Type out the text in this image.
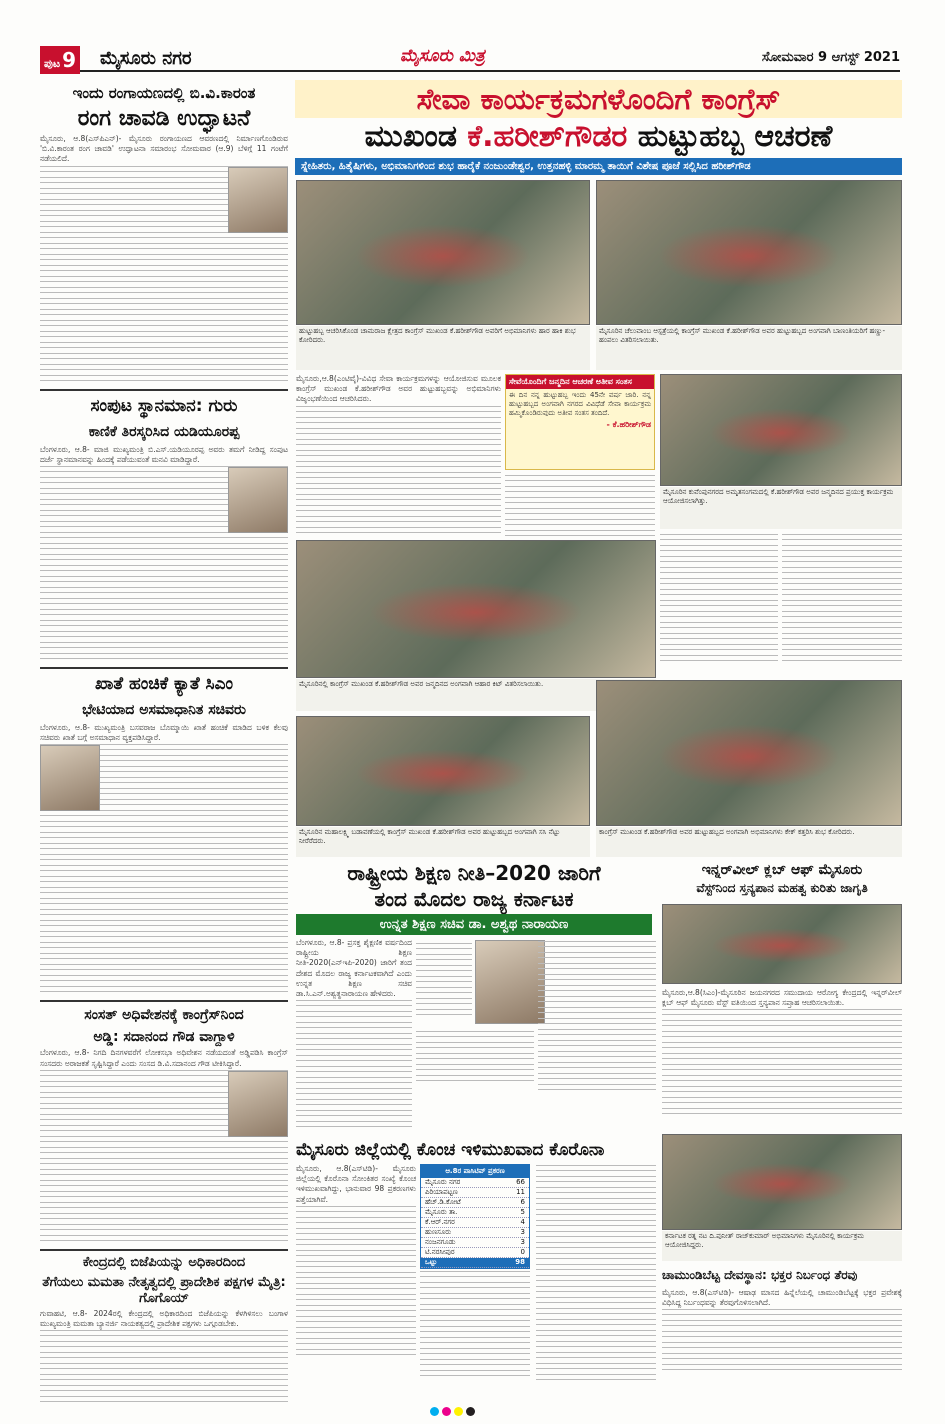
ಪುಟ 9 ಮೈಸೂರು ನಗರ	ಮೈಸೂರು ಮಿತ್ರ	ಸೋಮವಾರ 9 ಆಗಸ್ಟ್ 2021
ಇಂದು ರಂಗಾಯಣದಲ್ಲಿ ಬಿ.ವಿ.ಕಾರಂತ
ರಂಗ ಚಾವಡಿ ಉದ್ಘಾಟನೆ
ಮೈಸೂರು, ಆ.8(ಎಸ್‌ಪಿಎನ್)- ಮೈಸೂರು ರಂಗಾಯಣದ ಆವರಣದಲ್ಲಿ ನಿರ್ಮಾಣಗೊಂಡಿರುವ 'ಬಿ.ವಿ.ಕಾರಂತ ರಂಗ ಚಾವಡಿ' ಉದ್ಘಾಟನಾ ಸಮಾರಂಭ ಸೋಮವಾರ (ಆ.9) ಬೆಳಿಗ್ಗೆ 11 ಗಂಟೆಗೆ ನಡೆಯಲಿದೆ.
ಸಂಪುಟ ಸ್ಥಾನಮಾನ: ಗುರು
ಕಾಣಿಕೆ ತಿರಸ್ಕರಿಸಿದ ಯಡಿಯೂರಪ್ಪ
ಬೆಂಗಳೂರು, ಆ.8- ಮಾಜಿ ಮುಖ್ಯಮಂತ್ರಿ ಬಿ.ಎಸ್.ಯಡಿಯೂರಪ್ಪ ಅವರು ತಮಗೆ ನೀಡಿದ್ದ ಸಂಪುಟ ದರ್ಜೆ ಸ್ಥಾನಮಾನವನ್ನು ಹಿಂದಕ್ಕೆ ಪಡೆಯುವಂತೆ ಮನವಿ ಮಾಡಿದ್ದಾರೆ.
ಖಾತೆ ಹಂಚಿಕೆ ಕ್ಯಾತೆ ಸಿಎಂ
ಭೇಟಿಯಾದ ಅಸಮಾಧಾನಿತ ಸಚಿವರು
ಬೆಂಗಳೂರು, ಆ.8- ಮುಖ್ಯಮಂತ್ರಿ ಬಸವರಾಜ ಬೊಮ್ಮಾಯಿ ಖಾತೆ ಹಂಚಿಕೆ ಮಾಡಿದ ಬಳಿಕ ಕೆಲವು ಸಚಿವರು ಖಾತೆ ಬಗ್ಗೆ ಅಸಮಾಧಾನ ವ್ಯಕ್ತಪಡಿಸಿದ್ದಾರೆ.
ಸಂಸತ್ ಅಧಿವೇಶನಕ್ಕೆ ಕಾಂಗ್ರೆಸ್‌ನಿಂದ
ಅಡ್ಡಿ: ಸದಾನಂದ ಗೌಡ ವಾಗ್ದಾಳಿ
ಬೆಂಗಳೂರು, ಆ.8- ನಿಗದಿ ದಿನಗಳವರೆಗೆ ಲೋಕಸಭಾ ಅಧಿವೇಶನ ನಡೆಯದಂತೆ ಅಡ್ಡಿಪಡಿಸಿ ಕಾಂಗ್ರೆಸ್ ಸಂಸದರು ಅರಾಜಕತೆ ಸೃಷ್ಟಿಸಿದ್ದಾರೆ ಎಂದು ಸಂಸದ ಡಿ.ವಿ.ಸದಾನಂದ ಗೌಡ ಟೀಕಿಸಿದ್ದಾರೆ.
ಕೇಂದ್ರದಲ್ಲಿ ಬಿಜೆಪಿಯನ್ನು ಅಧಿಕಾರದಿಂದ
ತೆಗೆಯಲು ಮಮತಾ ನೇತೃತ್ವದಲ್ಲಿ ಪ್ರಾದೇಶಿಕ ಪಕ್ಷಗಳ ಮೈತ್ರಿ: ಗೊಗೊಯ್
ಗುವಾಹಟಿ, ಆ.8- 2024ರಲ್ಲಿ ಕೇಂದ್ರದಲ್ಲಿ ಅಧಿಕಾರದಿಂದ ಬಿಜೆಪಿಯನ್ನು ಕೆಳಗಿಳಿಸಲು ಬಂಗಾಳ ಮುಖ್ಯಮಂತ್ರಿ ಮಮತಾ ಬ್ಯಾನರ್ಜಿ ನಾಯಕತ್ವದಲ್ಲಿ ಪ್ರಾದೇಶಿಕ ಪಕ್ಷಗಳು ಒಗ್ಗೂಡಬೇಕು.
ಸೇವಾ ಕಾರ್ಯಕ್ರಮಗಳೊಂದಿಗೆ ಕಾಂಗ್ರೆಸ್
ಮುಖಂಡ ಕೆ.ಹರೀಶ್‌ಗೌಡರ ಹುಟ್ಟುಹಬ್ಬ ಆಚರಣೆ
ಸ್ನೇಹಿತರು, ಹಿತೈಷಿಗಳು, ಅಭಿಮಾನಿಗಳಿಂದ ಶುಭ ಹಾರೈಕೆ ನಂಜುಂಡೇಶ್ವರ, ಉತ್ತನಹಳ್ಳಿ ಮಾರಮ್ಮ ತಾಯಿಗೆ ವಿಶೇಷ ಪೂಜೆ ಸಲ್ಲಿಸಿದ ಹರೀಶ್‌ಗೌಡ
ಹುಟ್ಟುಹಬ್ಬ ಆಚರಿಸಿಕೊಂಡ ಚಾಮರಾಜ ಕ್ಷೇತ್ರದ ಕಾಂಗ್ರೆಸ್ ಮುಖಂಡ ಕೆ.ಹರೀಶ್‌ಗೌಡ ಅವರಿಗೆ ಅಭಿಮಾನಿಗಳು ಹಾರ ಹಾಕಿ ಶುಭ ಕೋರಿದರು.
ಮೈಸೂರಿನ ಚೆಲುವಾಂಬ ಆಸ್ಪತ್ರೆಯಲ್ಲಿ ಕಾಂಗ್ರೆಸ್ ಮುಖಂಡ ಕೆ.ಹರೀಶ್‌ಗೌಡ ಅವರ ಹುಟ್ಟುಹಬ್ಬದ ಅಂಗವಾಗಿ ಬಾಣಂತಿಯರಿಗೆ ಹಣ್ಣು-ಹಂಪಲು ವಿತರಿಸಲಾಯಿತು.
ಮೈಸೂರು,ಆ.8(ಎಂಟಿವೈ)-ವಿವಿಧ ಸೇವಾ ಕಾರ್ಯಕ್ರಮಗಳನ್ನು ಆಯೋಜಿಸುವ ಮೂಲಕ ಕಾಂಗ್ರೆಸ್ ಮುಖಂಡ ಕೆ.ಹರೀಶ್‌ಗೌಡ ಅವರ ಹುಟ್ಟುಹಬ್ಬವನ್ನು ಅಭಿಮಾನಿಗಳು ವಿಜೃಂಭಣೆಯಿಂದ ಆಚರಿಸಿದರು.
ಸೇವೆಯೊಂದಿಗೆ ಜನ್ಮದಿನ ಆಚರಣೆ ಅತೀವ ಸಂತಸ
ಈ ದಿನ ನನ್ನ ಹುಟ್ಟುಹಬ್ಬ ಇಂದು 45ನೇ ವರ್ಷ ಜಾರಿ. ನನ್ನ ಹುಟ್ಟುಹಬ್ಬದ ಅಂಗವಾಗಿ ನಗರದ ವಿವಿಧೆಡೆ ಸೇವಾ ಕಾರ್ಯಕ್ರಮ ಹಮ್ಮಿಕೊಂಡಿರುವುದು ಅತೀವ ಸಂತಸ ತಂದಿದೆ.
- ಕೆ.ಹರೀಶ್‌ಗೌಡ
ಮೈಸೂರಿನ ಕುವೆಂಪುನಗರದ ಅಮೃತಸಂಗಮದಲ್ಲಿ ಕೆ.ಹರೀಶ್‌ಗೌಡ ಅವರ ಜನ್ಮದಿನದ ಪ್ರಯುಕ್ತ ಕಾರ್ಯಕ್ರಮ ಆಯೋಜಿಸಲಾಗಿತ್ತು.
ಮೈಸೂರಿನಲ್ಲಿ ಕಾಂಗ್ರೆಸ್ ಮುಖಂಡ ಕೆ.ಹರೀಶ್‌ಗೌಡ ಅವರ ಜನ್ಮದಿನದ ಅಂಗವಾಗಿ ಆಹಾರ ಕಿಟ್ ವಿತರಿಸಲಾಯಿತು.
ಮೈಸೂರಿನ ಮಹಾಲಕ್ಷ್ಮಿ ಬಡಾವಣೆಯಲ್ಲಿ ಕಾಂಗ್ರೆಸ್ ಮುಖಂಡ ಕೆ.ಹರೀಶ್‌ಗೌಡ ಅವರ ಹುಟ್ಟುಹಬ್ಬದ ಅಂಗವಾಗಿ ಸಸಿ ನೆಟ್ಟು ನೀರೆರೆದರು.
ಕಾಂಗ್ರೆಸ್ ಮುಖಂಡ ಕೆ.ಹರೀಶ್‌ಗೌಡ ಅವರ ಹುಟ್ಟುಹಬ್ಬದ ಅಂಗವಾಗಿ ಅಭಿಮಾನಿಗಳು ಕೇಕ್ ಕತ್ತರಿಸಿ ಶುಭ ಕೋರಿದರು.
ರಾಷ್ಟ್ರೀಯ ಶಿಕ್ಷಣ ನೀತಿ–2020 ಜಾರಿಗೆ
ತಂದ ಮೊದಲ ರಾಜ್ಯ ಕರ್ನಾಟಕ
ಉನ್ನತ ಶಿಕ್ಷಣ ಸಚಿವ ಡಾ. ಅಶ್ವಥ ನಾರಾಯಣ
ಬೆಂಗಳೂರು, ಆ.8- ಪ್ರಸಕ್ತ ಶೈಕ್ಷಣಿಕ ವರ್ಷದಿಂದ ರಾಷ್ಟ್ರೀಯ ಶಿಕ್ಷಣ ನೀತಿ-2020(ಎನ್‌ಇಪಿ-2020) ಜಾರಿಗೆ ತಂದ ದೇಶದ ಮೊದಲ ರಾಜ್ಯ ಕರ್ನಾಟಕವಾಗಿದೆ ಎಂದು ಉನ್ನತ ಶಿಕ್ಷಣ ಸಚಿವ ಡಾ.ಸಿ.ಎನ್.ಅಶ್ವತ್ಥನಾರಾಯಣ ಹೇಳಿದರು.
ಮೈಸೂರು ಜಿಲ್ಲೆಯಲ್ಲಿ ಕೊಂಚ ಇಳಿಮುಖವಾದ ಕೊರೊನಾ
ಮೈಸೂರು, ಆ.8(ಎಸ್‌ಟಿಡಿ)- ಮೈಸೂರು ಜಿಲ್ಲೆಯಲ್ಲಿ ಕೊರೊನಾ ಸೋಂಕಿತರ ಸಂಖ್ಯೆ ಕೊಂಚ ಇಳಿಮುಖವಾಗಿದ್ದು, ಭಾನುವಾರ 98 ಪ್ರಕರಣಗಳು ಪತ್ತೆಯಾಗಿವೆ.
ಆ.8ರ ಪಾಸಿಟಿವ್ ಪ್ರಕರಣ
ಮೈಸೂರು ನಗರ	66
ಪಿರಿಯಾಪಟ್ಟಣ	11
ಹೆಚ್.ಡಿ.ಕೋಟೆ	6
ಮೈಸೂರು ತಾ.	5
ಕೆ.ಆರ್.ನಗರ	4
ಹುಣಸೂರು	3
ನಂಜನಗೂಡು	3
ಟಿ.ನರಸೀಪುರ	0
ಒಟ್ಟು	98
ಇನ್ನರ್‌ವೀಲ್ ಕ್ಲಬ್ ಆಫ್ ಮೈಸೂರು
ವೆಸ್ಟ್‌ನಿಂದ ಸ್ತನ್ಯಪಾನ ಮಹತ್ವ ಕುರಿತು ಜಾಗೃತಿ
ಮೈಸೂರು,ಆ.8(ಸಿಎಂ)-ಮೈಸೂರಿನ ಜಯನಗರದ ಸಮುದಾಯ ಆರೋಗ್ಯ ಕೇಂದ್ರದಲ್ಲಿ ಇನ್ನರ್‌ವೀಲ್ ಕ್ಲಬ್ ಆಫ್ ಮೈಸೂರು ವೆಸ್ಟ್ ವತಿಯಿಂದ ಸ್ತನ್ಯಪಾನ ಸಪ್ತಾಹ ಆಚರಿಸಲಾಯಿತು.
ಕರ್ನಾಟಕ ರತ್ನ ನಟ ದಿ.ಪುನೀತ್ ರಾಜ್‌ಕುಮಾರ್ ಅಭಿಮಾನಿಗಳು ಮೈಸೂರಿನಲ್ಲಿ ಕಾರ್ಯಕ್ರಮ ಆಯೋಜಿಸಿದ್ದರು.
ಚಾಮುಂಡಿಬೆಟ್ಟ ದೇವಸ್ಥಾನ: ಭಕ್ತರ ನಿರ್ಬಂಧ ತೆರವು
ಮೈಸೂರು, ಆ.8(ಎಸ್‌ಟಿಡಿ)- ಆಷಾಢ ಮಾಸದ ಹಿನ್ನೆಲೆಯಲ್ಲಿ ಚಾಮುಂಡಿಬೆಟ್ಟಕ್ಕೆ ಭಕ್ತರ ಪ್ರವೇಶಕ್ಕೆ ವಿಧಿಸಿದ್ದ ನಿರ್ಬಂಧವನ್ನು ತೆರವುಗೊಳಿಸಲಾಗಿದೆ.
